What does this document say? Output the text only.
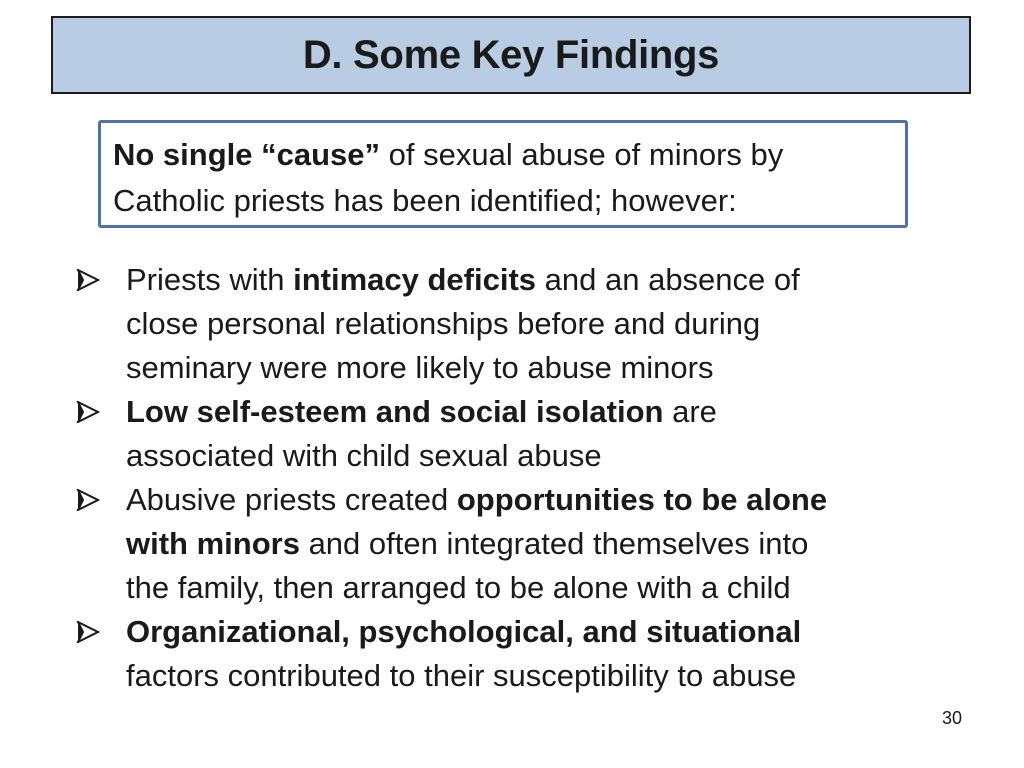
D. Some Key Findings
No single “cause” of sexual abuse of minors by
Catholic priests has been identified; however:
Priests with intimacy deficits and an absence of
close personal relationships before and during
seminary were more likely to abuse minors
Low self-esteem and social isolation are
associated with child sexual abuse
Abusive priests created opportunities to be alone
with minors and often integrated themselves into
the family, then arranged to be alone with a child
Organizational, psychological, and situational
factors contributed to their susceptibility to abuse
30
